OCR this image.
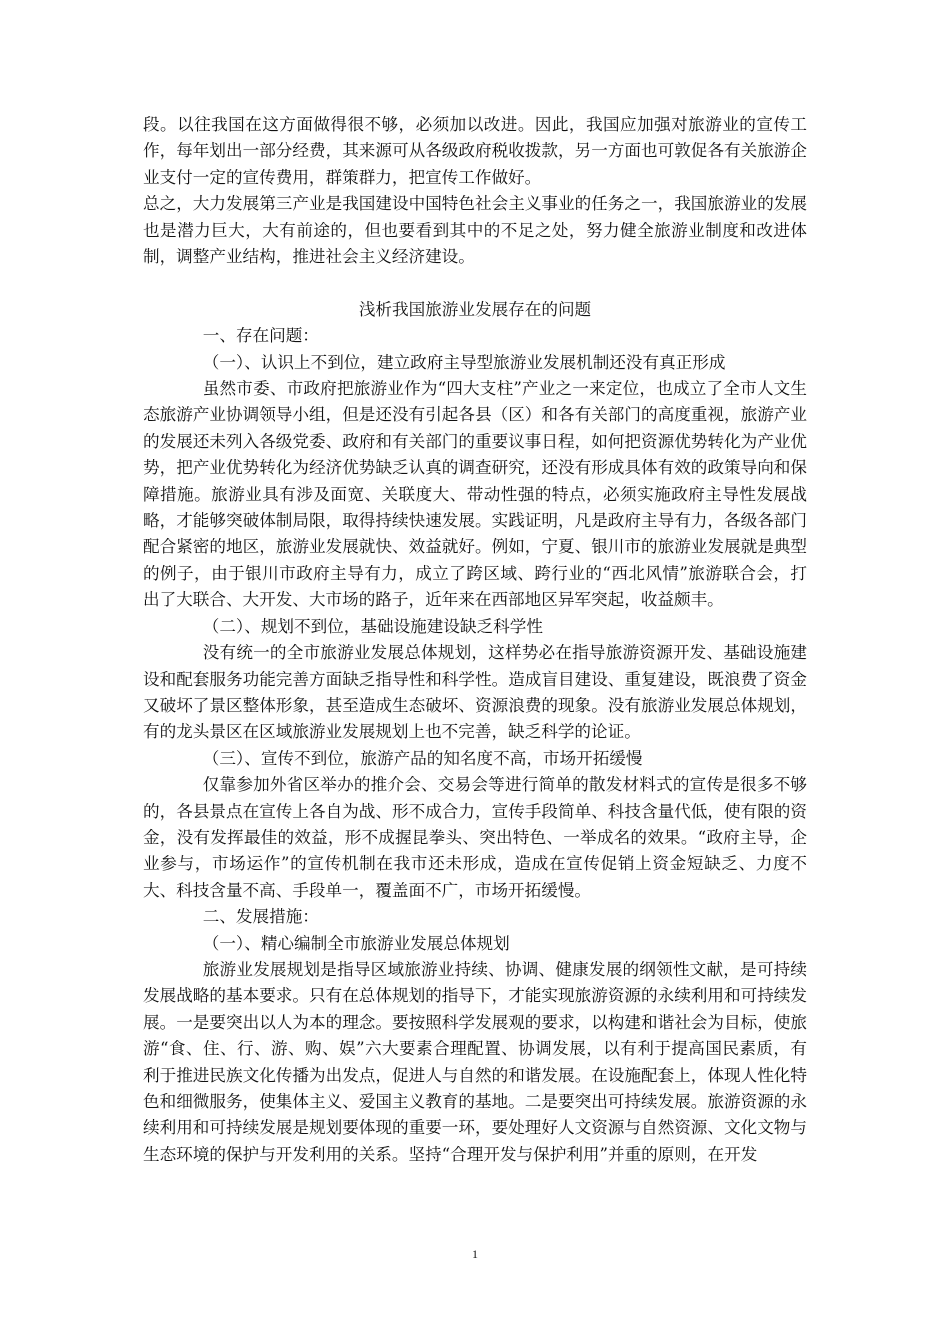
段。以往我国在这方面做得很不够，必须加以改进。因此，我国应加强对旅游业的宣传工作，每年划出一部分经费，其来源可从各级政府税收拨款，另一方面也可敦促各有关旅游企业支付一定的宣传费用，群策群力，把宣传工作做好。

总之，大力发展第三产业是我国建设中国特色社会主义事业的任务之一，我国旅游业的发展也是潜力巨大，大有前途的，但也要看到其中的不足之处，努力健全旅游业制度和改进体制，调整产业结构，推进社会主义经济建设。

浅析我国旅游业发展存在的问题

一、存在问题：

（一）、认识上不到位，建立政府主导型旅游业发展机制还没有真正形成

虽然市委、市政府把旅游业作为“四大支柱”产业之一来定位，也成立了全市人文生态旅游产业协调领导小组，但是还没有引起各县（区）和各有关部门的高度重视，旅游产业的发展还未列入各级党委、政府和有关部门的重要议事日程，如何把资源优势转化为产业优势，把产业优势转化为经济优势缺乏认真的调查研究，还没有形成具体有效的政策导向和保障措施。旅游业具有涉及面宽、关联度大、带动性强的特点，必须实施政府主导性发展战略，才能够突破体制局限，取得持续快速发展。实践证明，凡是政府主导有力，各级各部门配合紧密的地区，旅游业发展就快、效益就好。例如，宁夏、银川市的旅游业发展就是典型的例子，由于银川市政府主导有力，成立了跨区域、跨行业的“西北风情”旅游联合会，打出了大联合、大开发、大市场的路子，近年来在西部地区异军突起，收益颇丰。

（二）、规划不到位，基础设施建设缺乏科学性

没有统一的全市旅游业发展总体规划，这样势必在指导旅游资源开发、基础设施建设和配套服务功能完善方面缺乏指导性和科学性。造成盲目建设、重复建设，既浪费了资金又破坏了景区整体形象，甚至造成生态破坏、资源浪费的现象。没有旅游业发展总体规划，有的龙头景区在区域旅游业发展规划上也不完善，缺乏科学的论证。

（三）、宣传不到位，旅游产品的知名度不高，市场开拓缓慢

仅靠参加外省区举办的推介会、交易会等进行简单的散发材料式的宣传是很多不够的，各县景点在宣传上各自为战、形不成合力，宣传手段简单、科技含量代低，使有限的资金，没有发挥最佳的效益，形不成握昆拳头、突出特色、一举成名的效果。“政府主导，企业参与，市场运作”的宣传机制在我市还未形成，造成在宣传促销上资金短缺乏、力度不大、科技含量不高、手段单一，覆盖面不广，市场开拓缓慢。

二、发展措施：

（一）、精心编制全市旅游业发展总体规划

旅游业发展规划是指导区域旅游业持续、协调、健康发展的纲领性文献，是可持续发展战略的基本要求。只有在总体规划的指导下，才能实现旅游资源的永续利用和可持续发展。一是要突出以人为本的理念。要按照科学发展观的要求，以构建和谐社会为目标，使旅游“食、住、行、游、购、娱”六大要素合理配置、协调发展，以有利于提高国民素质，有利于推进民族文化传播为出发点，促进人与自然的和谐发展。在设施配套上，体现人性化特色和细微服务，使集体主义、爱国主义教育的基地。二是要突出可持续发展。旅游资源的永续利用和可持续发展是规划要体现的重要一环，要处理好人文资源与自然资源、文化文物与生态环境的保护与开发利用的关系。坚持“合理开发与保护利用”并重的原则，在开发

1
